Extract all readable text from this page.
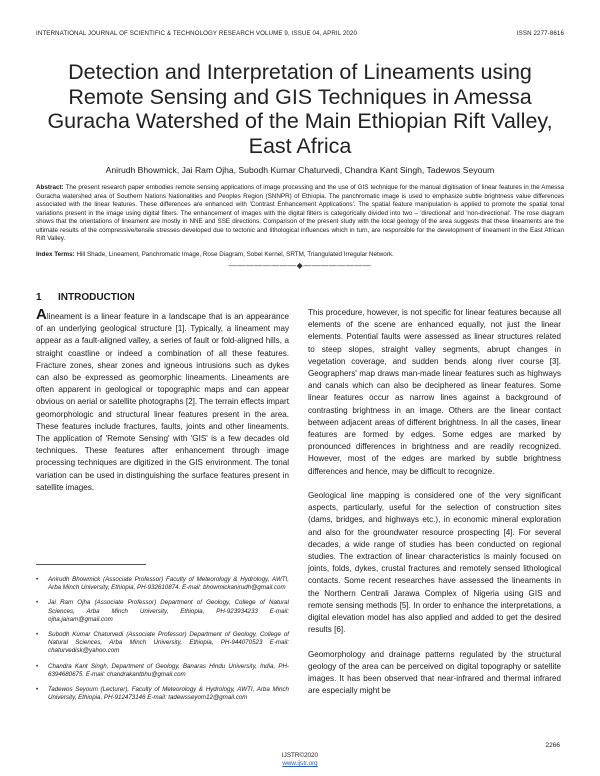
INTERNATIONAL JOURNAL OF SCIENTIFIC & TECHNOLOGY RESEARCH VOLUME 9, ISSUE 04, APRIL 2020	ISSN 2277-8616
Detection and Interpretation of Lineaments using Remote Sensing and GIS Techniques in Amessa Guracha Watershed of the Main Ethiopian Rift Valley, East Africa
Anirudh Bhowmick, Jai Ram Ojha, Subodh Kumar Chaturvedi, Chandra Kant Singh, Tadewos Seyoum
Abstract: The present research paper embodies remote sensing applications of image processing and the use of GIS technique for the manual digitisation of linear features in the Amessa Guracha watershed area of Southern Nations Nationalities and Peoples Region (SNNPR) of Ethiopia. The panchromatic image is used to emphasize subtle brightness value differences associated with the linear features. These differences are enhanced with 'Contrast Enhancement Applications'. The spatial feature manipulation is applied to promote the spatial tonal variations present in the image using digital filters. The enhancement of images with the digital filters is categorically divided into two – 'directional' and 'non-directional'. The rose diagram shows that the orientations of lineament are mostly in NNE and SSE directions. Comparison of the present study with the local geology of the area suggests that these lineaments are the ultimate results of the compressive/tensile stresses developed due to tectonic and lithological influences which in turn, are responsible for the development of lineament in the East African Rift Valley.
Index Terms: Hill Shade, Lineament, Panchromatic Image, Rose Diagram, Sobel Kernel, SRTM, Triangulated Irregular Network.
————————◆————————
1 INTRODUCTION

Alineament is a linear feature in a landscape that is an appearance of an underlying geological structure [1]. Typically, a lineament may appear as a fault-aligned valley, a series of fault or fold-aligned hills, a straight coastline or indeed a combination of all these features. Fracture zones, shear zones and igneous intrusions such as dykes can also be expressed as geomorphic lineaments. Lineaments are often apparent in geological or topographic maps and can appear obvious on aerial or satellite photographs [2]. The terrain effects impart geomorphologic and structural linear features present in the area. These features include fractures, faults, joints and other lineaments. The application of 'Remote Sensing' with 'GIS' is a few decades old techniques. These features after enhancement through image processing techniques are digitized in the GIS environment. The tonal variation can be used in distinguishing the surface features present in satellite images.

• Anirudh Bhowmick (Associate Professor) Faculty of Meteorology & Hydrology, AWTI, Arba Minch University, Ethiopia, PH-932610874. E-mail: bhowmickanirudh@gmail.com
• Jai Ram Ojha (Associate Professor) Department of Geology, College of Natural Sciences, Arba Minch University, Ethiopia, PH-923934233 E-mail: ojha.jairam@gmail.com
• Subodh Kumar Chaturvedi (Associate Professor) Department of Geology, College of Natural Sciences, Arba Minch University, Ethiopia, PH-944070523 E-mail: chaturvedisk@yahoo.com
• Chandra Kant Singh, Department of Geology, Banaras Hindu University, India, PH-6394680675. E-mail: chandrakantbhu@gmail.com
• Tadewos Seyoum (Lecturer), Faculty of Meteorology & Hydrology, AWTI, Arba Minch University, Ethiopia, PH-912473146 E-mail: tadewsseyom12@gmail.com

This procedure, however, is not specific for linear features because all elements of the scene are enhanced equally, not just the linear elements. Potential faults were assessed as linear structures related to steep slopes, straight valley segments, abrupt changes in vegetation coverage, and sudden bends along river course [3]. Geographers' map draws man-made linear features such as highways and canals which can also be deciphered as linear features. Some linear features occur as narrow lines against a background of contrasting brightness in an image. Others are the linear contact between adjacent areas of different brightness. In all the cases, linear features are formed by edges. Some edges are marked by pronounced differences in brightness and are readily recognized. However, most of the edges are marked by subtle brightness differences and hence, may be difficult to recognize.

Geological line mapping is considered one of the very significant aspects, particularly, useful for the selection of construction sites (dams, bridges, and highways etc.), in economic mineral exploration and also for the groundwater resource prospecting [4]. For several decades, a wide range of studies has been conducted on regional studies. The extraction of linear characteristics is mainly focused on joints, folds, dykes, crustal fractures and remotely sensed lithological contacts. Some recent researches have assessed the lineaments in the Northern Centrali Jarawa Complex of Nigeria using GIS and remote sensing methods [5]. In order to enhance the interpretations, a digital elevation model has also applied and added to get the desired results [6].

Geomorphology and drainage patterns regulated by the structural geology of the area can be perceived on digital topography or satellite images. It has been observed that near-infrared and thermal infrared are especially might be

2266
IJSTR©2020
www.ijstr.org
